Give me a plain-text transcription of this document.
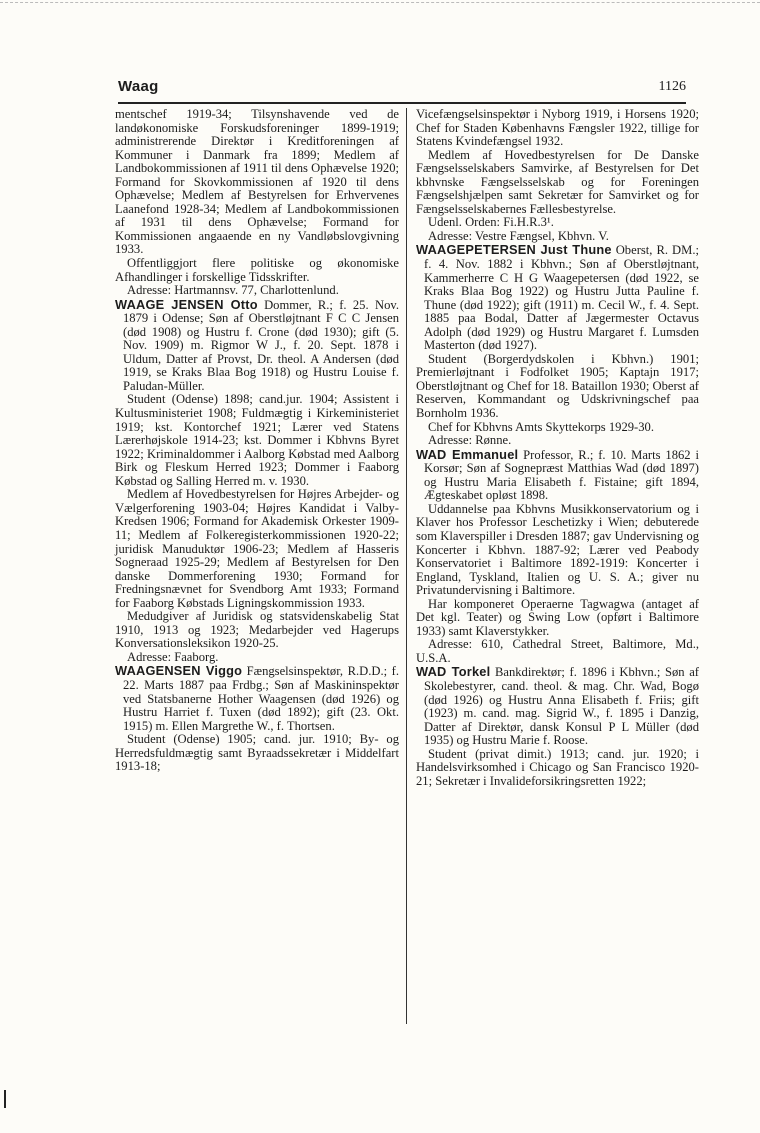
Waag	1126

mentschef 1919-34; Tilsynshavende ved de landøkonomiske Forskudsforeninger 1899-1919; administrerende Direktør i Kreditforeningen af Kommuner i Danmark fra 1899; Medlem af Landbokommissionen af 1911 til dens Ophævelse 1920; Formand for Skovkommissionen af 1920 til dens Ophævelse; Medlem af Bestyrelsen for Erhvervenes Laanefond 1928-34; Medlem af Landbokommissionen af 1931 til dens Ophævelse; Formand for Kommissionen angaaende en ny Vandløbslovgivning 1933.

Offentliggjort flere politiske og økonomiske Afhandlinger i forskellige Tidsskrifter.

Adresse: Hartmannsv. 77, Charlottenlund.

WAAGE JENSEN Otto Dommer, R.; f. 25. Nov. 1879 i Odense; Søn af Oberstløjtnant F C C Jensen (død 1908) og Hustru f. Crone (død 1930); gift (5. Nov. 1909) m. Rigmor W J., f. 20. Sept. 1878 i Uldum, Datter af Provst, Dr. theol. A Andersen (død 1919, se Kraks Blaa Bog 1918) og Hustru Louise f. Paludan-Müller.

Student (Odense) 1898; cand.jur. 1904; Assistent i Kultusministeriet 1908; Fuldmægtig i Kirkeministeriet 1919; kst. Kontorchef 1921; Lærer ved Statens Lærerhøjskole 1914-23; kst. Dommer i Kbhvns Byret 1922; Kriminaldommer i Aalborg Købstad med Aalborg Birk og Fleskum Herred 1923; Dommer i Faaborg Købstad og Salling Herred m. v. 1930.

Medlem af Hovedbestyrelsen for Højres Arbejder- og Vælgerforening 1903-04; Højres Kandidat i Valby-Kredsen 1906; Formand for Akademisk Orkester 1909-11; Medlem af Folkeregisterkommissionen 1920-22; juridisk Manuduktør 1906-23; Medlem af Hasseris Sogneraad 1925-29; Medlem af Bestyrelsen for Den danske Dommerforening 1930; Formand for Fredningsnævnet for Svendborg Amt 1933; Formand for Faaborg Købstads Ligningskommission 1933.

Medudgiver af Juridisk og statsvidenskabelig Stat 1910, 1913 og 1923; Medarbejder ved Hagerups Konversationsleksikon 1920-25.

Adresse: Faaborg.

WAAGENSEN Viggo Fængselsinspektør, R.D.D.; f. 22. Marts 1887 paa Frdbg.; Søn af Maskininspektør ved Statsbanerne Hother Waagensen (død 1926) og Hustru Harriet f. Tuxen (død 1892); gift (23. Okt. 1915) m. Ellen Margrethe W., f. Thortsen.

Student (Odense) 1905; cand. jur. 1910; By- og Herredsfuldmægtig samt Byraadssekretær i Middelfart 1913-18;

Vicefængselsinspektør i Nyborg 1919, i Horsens 1920; Chef for Staden Københavns Fængsler 1922, tillige for Statens Kvindefængsel 1932.

Medlem af Hovedbestyrelsen for De Danske Fængselsselskabers Samvirke, af Bestyrelsen for Det kbhvnske Fængselsselskab og for Foreningen Fængselshjælpen samt Sekretær for Samvirket og for Fængselsselskabernes Fællesbestyrelse.

Udenl. Orden: Fi.H.R.3¹.

Adresse: Vestre Fængsel, Kbhvn. V.

WAAGEPETERSEN Just Thune Oberst, R. DM.; f. 4. Nov. 1882 i Kbhvn.; Søn af Oberstløjtnant, Kammerherre C H G Waagepetersen (død 1922, se Kraks Blaa Bog 1922) og Hustru Jutta Pauline f. Thune (død 1922); gift (1911) m. Cecil W., f. 4. Sept. 1885 paa Bodal, Datter af Jægermester Octavus Adolph (død 1929) og Hustru Margaret f. Lumsden Masterton (død 1927).

Student (Borgerdydskolen i Kbhvn.) 1901; Premierløjtnant i Fodfolket 1905; Kaptajn 1917; Oberstløjtnant og Chef for 18. Bataillon 1930; Oberst af Reserven, Kommandant og Udskrivningschef paa Bornholm 1936.

Chef for Kbhvns Amts Skyttekorps 1929-30.

Adresse: Rønne.

WAD Emmanuel Professor, R.; f. 10. Marts 1862 i Korsør; Søn af Sognepræst Matthias Wad (død 1897) og Hustru Maria Elisabeth f. Fistaine; gift 1894, Ægteskabet opløst 1898.

Uddannelse paa Kbhvns Musikkonservatorium og i Klaver hos Professor Leschetizky i Wien; debuterede som Klaverspiller i Dresden 1887; gav Undervisning og Koncerter i Kbhvn. 1887-92; Lærer ved Peabody Konservatoriet i Baltimore 1892-1919: Koncerter i England, Tyskland, Italien og U. S. A.; giver nu Privatundervisning i Baltimore.

Har komponeret Operaerne Tagwagwa (antaget af Det kgl. Teater) og Swing Low (opført i Baltimore 1933) samt Klaverstykker.

Adresse: 610, Cathedral Street, Baltimore, Md., U.S.A.

WAD Torkel Bankdirektør; f. 1896 i Kbhvn.; Søn af Skolebestyrer, cand. theol. & mag. Chr. Wad, Bogø (død 1926) og Hustru Anna Elisabeth f. Friis; gift (1923) m. cand. mag. Sigrid W., f. 1895 i Danzig, Datter af Direktør, dansk Konsul P L Müller (død 1935) og Hustru Marie f. Roose.

Student (privat dimit.) 1913; cand. jur. 1920; i Handelsvirksomhed i Chicago og San Francisco 1920-21; Sekretær i Invalideforsikringsretten 1922;
